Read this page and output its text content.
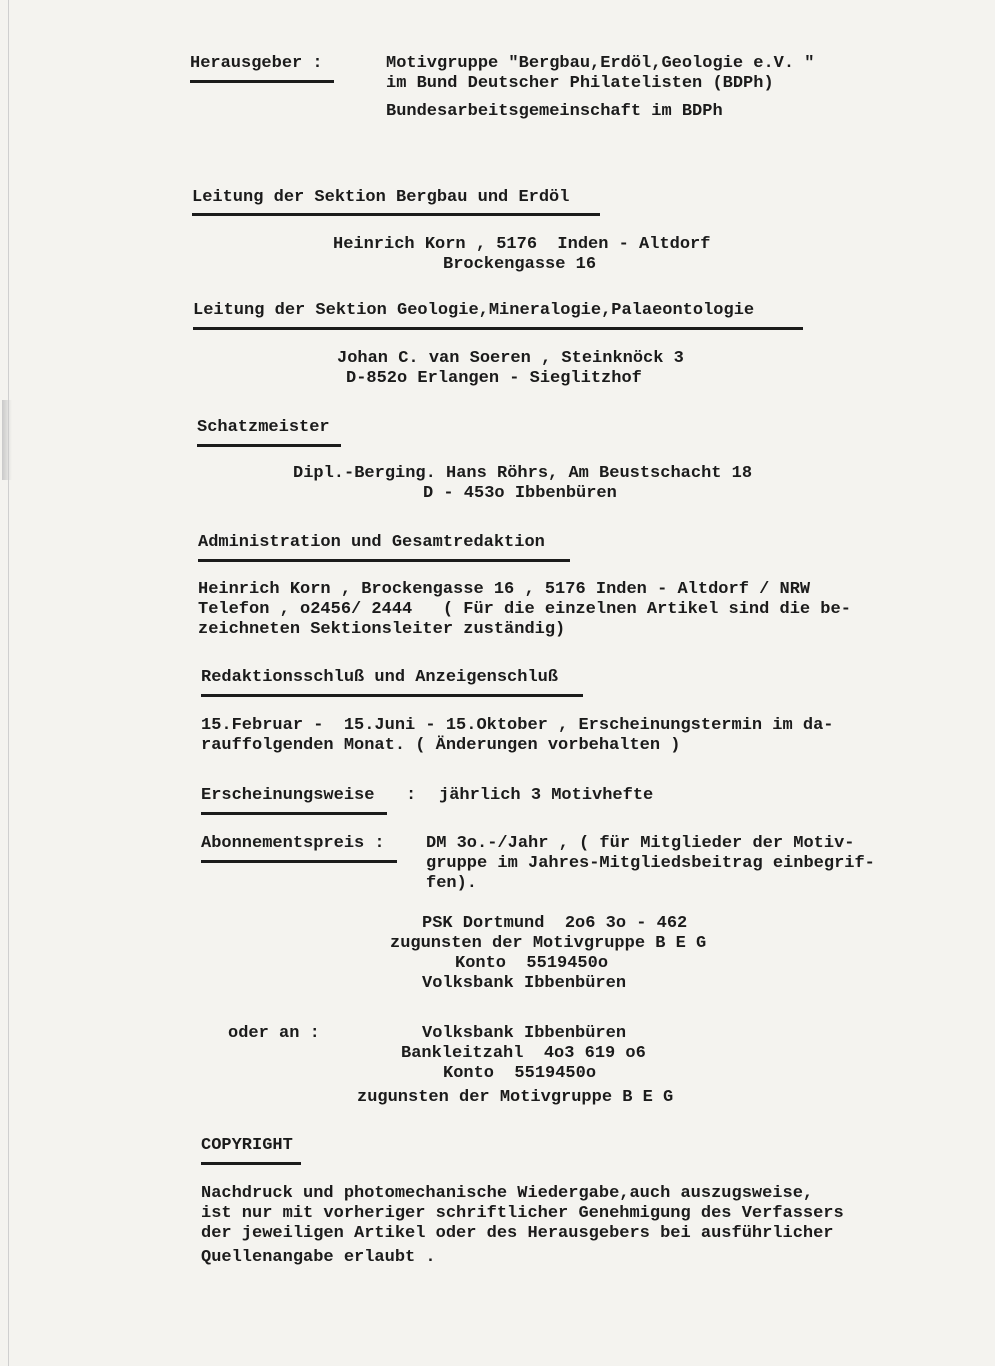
Herausgeber :	Motivgruppe "Bergbau,Erdöl,Geologie e.V. "
im Bund Deutscher Philatelisten (BDPh)
Bundesarbeitsgemeinschaft im BDPh
Leitung der Sektion Bergbau und Erdöl
Heinrich Korn , 5176  Inden - Altdorf
Brockengasse 16
Leitung der Sektion Geologie,Mineralogie,Palaeontologie
Johan C. van Soeren , Steinknöck 3
D-852o Erlangen - Sieglitzhof
Schatzmeister
Dipl.-Berging. Hans Röhrs, Am Beustschacht 18
D - 453o Ibbenbüren
Administration und Gesamtredaktion
Heinrich Korn , Brockengasse 16 , 5176 Inden - Altdorf / NRW
Telefon , o2456/ 2444   ( Für die einzelnen Artikel sind die be-
zeichneten Sektionsleiter zuständig)
Redaktionsschluß und Anzeigenschluß
15.Februar -  15.Juni - 15.Oktober , Erscheinungstermin im da-
rauffolgenden Monat. ( Änderungen vorbehalten )
Erscheinungsweise : jährlich 3 Motivhefte
Abonnementspreis : DM 3o.-/Jahr , ( für Mitglieder der Motiv-
gruppe im Jahres-Mitgliedsbeitrag einbegrif-
fen).
PSK Dortmund  2o6 3o - 462
zugunsten der Motivgruppe B E G
Konto  5519450o
Volksbank Ibbenbüren
oder an :	Volksbank Ibbenbüren
Bankleitzahl  4o3 619 o6
Konto  5519450o
zugunsten der Motivgruppe B E G
COPYRIGHT
Nachdruck und photomechanische Wiedergabe,auch auszugsweise,
ist nur mit vorheriger schriftlicher Genehmigung des Verfassers
der jeweiligen Artikel oder des Herausgebers bei ausführlicher
Quellenangabe erlaubt .
